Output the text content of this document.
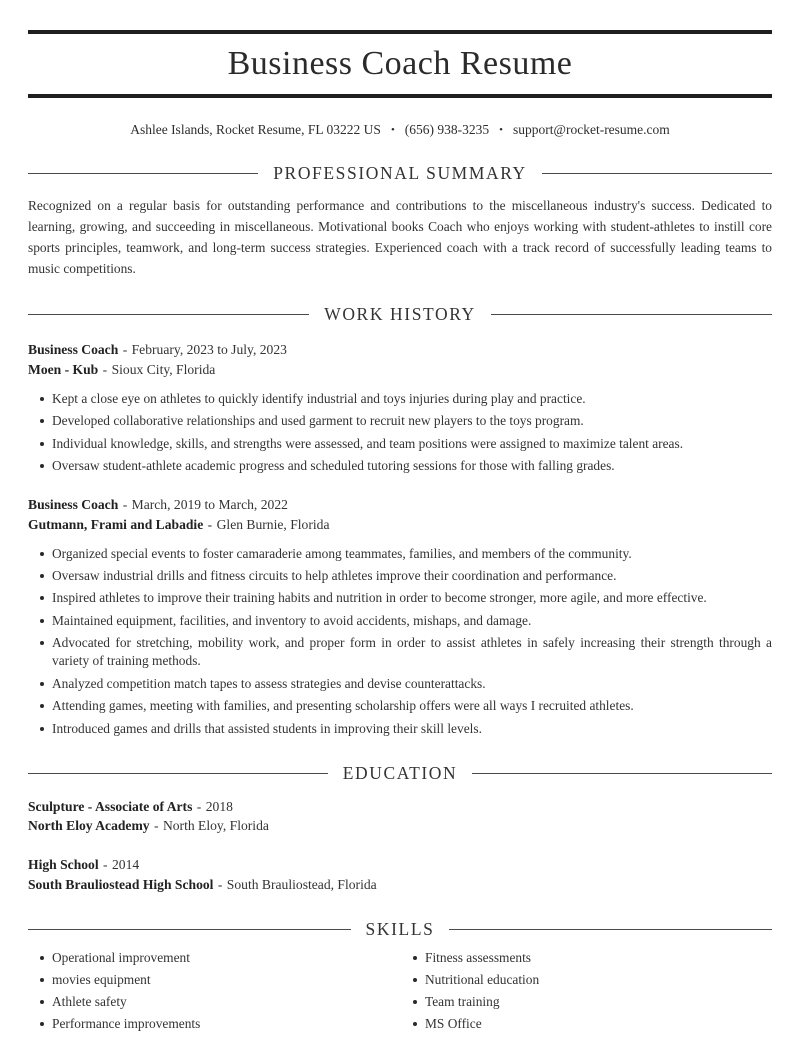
Business Coach Resume
Ashlee Islands, Rocket Resume, FL 03222 US • (656) 938-3235 • support@rocket-resume.com
PROFESSIONAL SUMMARY

Recognized on a regular basis for outstanding performance and contributions to the miscellaneous industry's success. Dedicated to learning, growing, and succeeding in miscellaneous. Motivational books Coach who enjoys working with student-athletes to instill core sports principles, teamwork, and long-term success strategies. Experienced coach with a track record of successfully leading teams to music competitions.

WORK HISTORY
Business Coach - February, 2023 to July, 2023
Moen - Kub - Sioux City, Florida
Kept a close eye on athletes to quickly identify industrial and toys injuries during play and practice.
Developed collaborative relationships and used garment to recruit new players to the toys program.
Individual knowledge, skills, and strengths were assessed, and team positions were assigned to maximize talent areas.
Oversaw student-athlete academic progress and scheduled tutoring sessions for those with falling grades.
Business Coach - March, 2019 to March, 2022
Gutmann, Frami and Labadie - Glen Burnie, Florida
Organized special events to foster camaraderie among teammates, families, and members of the community.
Oversaw industrial drills and fitness circuits to help athletes improve their coordination and performance.
Inspired athletes to improve their training habits and nutrition in order to become stronger, more agile, and more effective.
Maintained equipment, facilities, and inventory to avoid accidents, mishaps, and damage.
Advocated for stretching, mobility work, and proper form in order to assist athletes in safely increasing their strength through a variety of training methods.
Analyzed competition match tapes to assess strategies and devise counterattacks.
Attending games, meeting with families, and presenting scholarship offers were all ways I recruited athletes.
Introduced games and drills that assisted students in improving their skill levels.
EDUCATION
Sculpture - Associate of Arts - 2018
North Eloy Academy - North Eloy, Florida
High School - 2014
South Brauliostead High School - South Brauliostead, Florida
SKILLS
Operational improvement
movies equipment
Athlete safety
Performance improvements
Fitness assessments
Nutritional education
Team training
MS Office
